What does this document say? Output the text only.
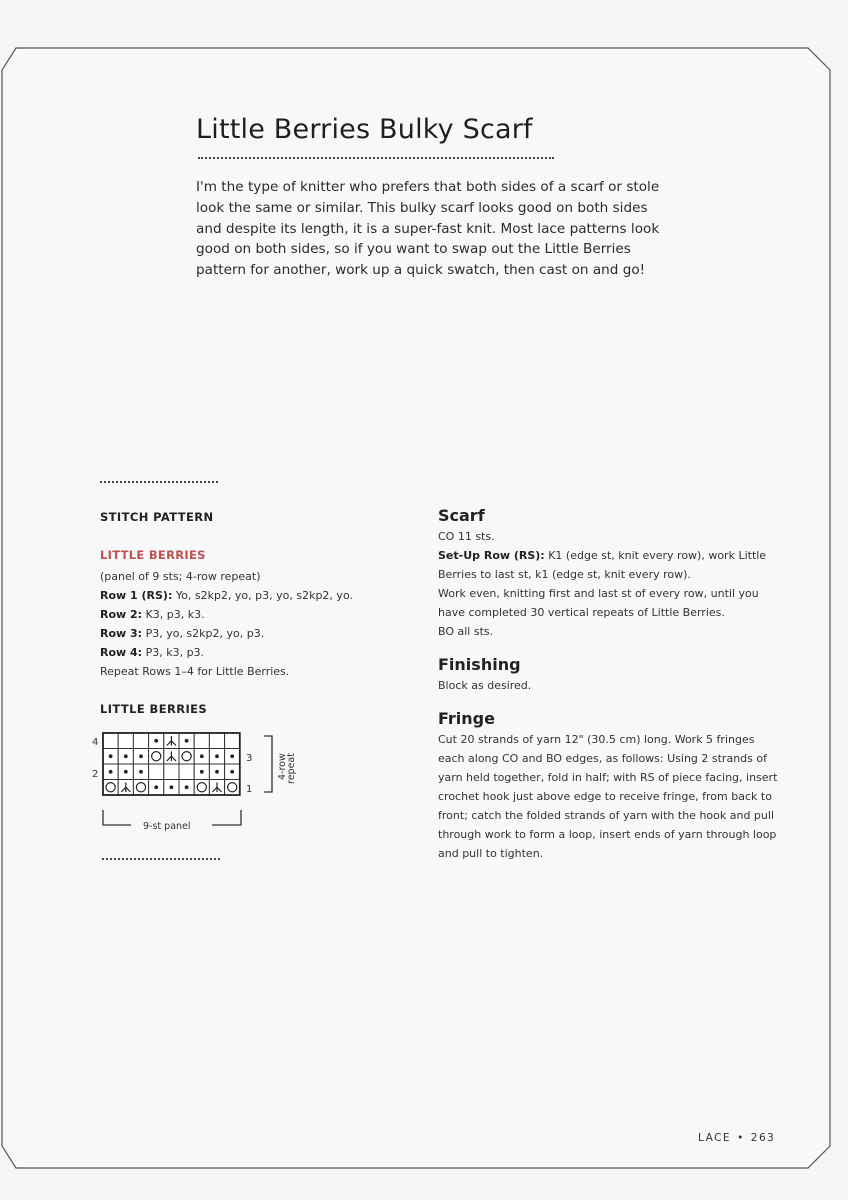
Little Berries Bulky Scarf

I'm the type of knitter who prefers that both sides of a scarf or stole look the same or similar. This bulky scarf looks good on both sides and despite its length, it is a super-fast knit. Most lace patterns look good on both sides, so if you want to swap out the Little Berries pattern for another, work up a quick swatch, then cast on and go!

STITCH PATTERN
LITTLE BERRIES
(panel of 9 sts; 4-row repeat)
Row 1 (RS): Yo, s2kp2, yo, p3, yo, s2kp2, yo.
Row 2: K3, p3, k3.
Row 3: P3, yo, s2kp2, yo, p3.
Row 4: P3, k3, p3.
Repeat Rows 1–4 for Little Berries.
LITTLE BERRIES
4
2
3
1
4-row
repeat
9-st panel
Scarf

CO 11 sts.

Set-Up Row (RS): K1 (edge st, knit every row), work Little Berries to last st, k1 (edge st, knit every row).

Work even, knitting first and last st of every row, until you have completed 30 vertical repeats of Little Berries.

BO all sts.

Finishing

Block as desired.

Fringe

Cut 20 strands of yarn 12" (30.5 cm) long. Work 5 fringes each along CO and BO edges, as follows: Using 2 strands of yarn held together, fold in half; with RS of piece facing, insert crochet hook just above edge to receive fringe, from back to front; catch the folded strands of yarn with the hook and pull through work to form a loop, insert ends of yarn through loop and pull to tighten.

LACE • 263
